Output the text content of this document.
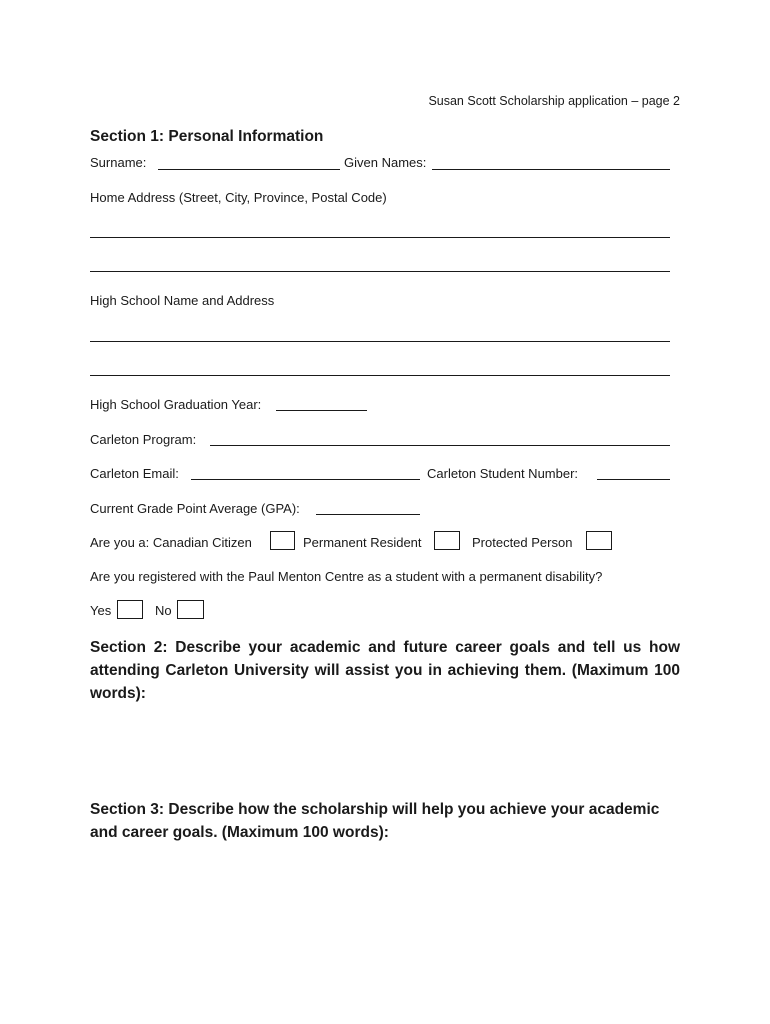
Susan Scott Scholarship application – page 2
Section 1: Personal Information
Surname:	Given Names:
Home Address (Street, City, Province, Postal Code)
High School Name and Address
High School Graduation Year:
Carleton Program:
Carleton Email:	Carleton Student Number:
Current Grade Point Average (GPA):
Are you a: Canadian Citizen	Permanent Resident	Protected Person
Are you registered with the Paul Menton Centre as a student with a permanent disability?
Yes	No
Section 2: Describe your academic and future career goals and tell us how attending Carleton University will assist you in achieving them. (Maximum 100 words):
Section 3: Describe how the scholarship will help you achieve your academic and career goals. (Maximum 100 words):
